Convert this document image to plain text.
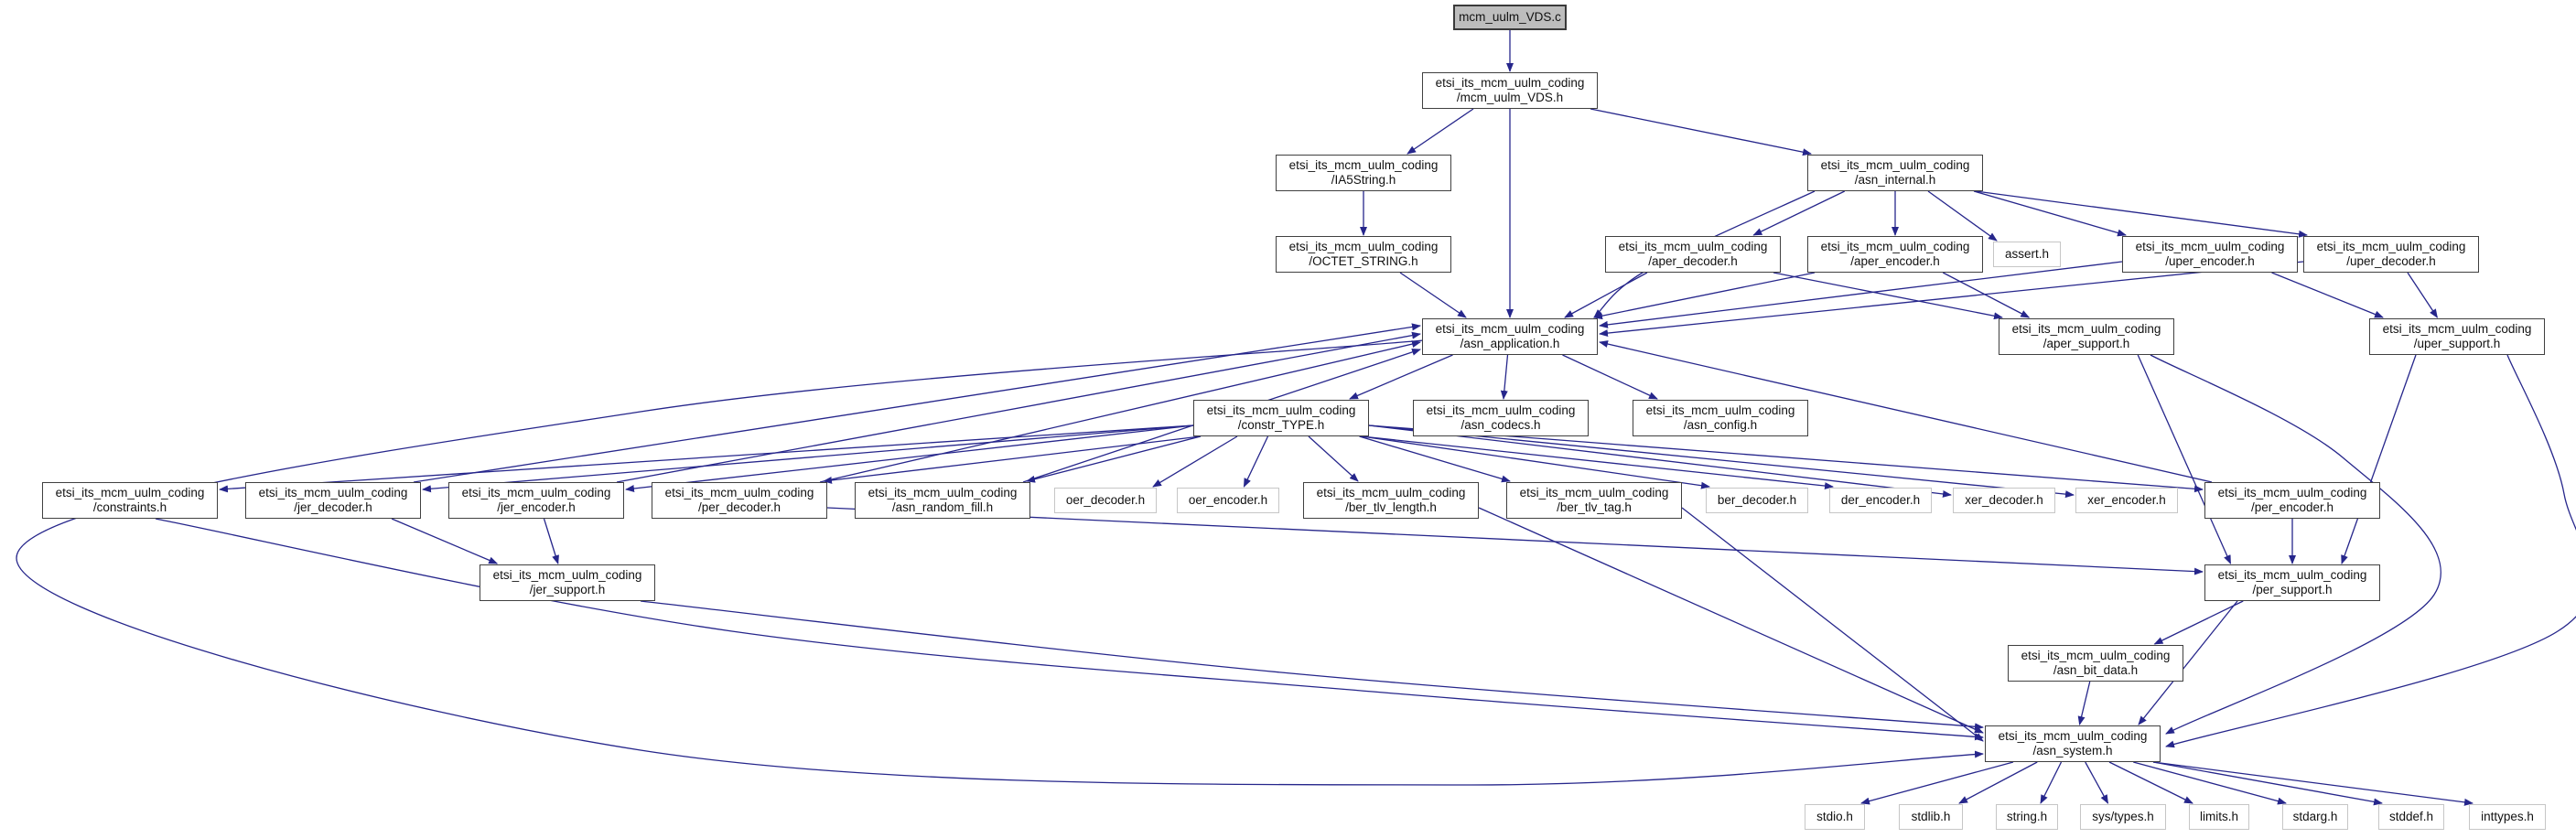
mcm_uulm_VDS.c
etsi_its_mcm_uulm_coding
/mcm_uulm_VDS.h
etsi_its_mcm_uulm_coding
/IA5String.h
etsi_its_mcm_uulm_coding
/asn_internal.h
etsi_its_mcm_uulm_coding
/OCTET_STRING.h
etsi_its_mcm_uulm_coding
/aper_decoder.h
etsi_its_mcm_uulm_coding
/aper_encoder.h
assert.h
etsi_its_mcm_uulm_coding
/uper_encoder.h
etsi_its_mcm_uulm_coding
/uper_decoder.h
etsi_its_mcm_uulm_coding
/asn_application.h
etsi_its_mcm_uulm_coding
/aper_support.h
etsi_its_mcm_uulm_coding
/uper_support.h
etsi_its_mcm_uulm_coding
/constr_TYPE.h
etsi_its_mcm_uulm_coding
/asn_codecs.h
etsi_its_mcm_uulm_coding
/asn_config.h
etsi_its_mcm_uulm_coding
/constraints.h
etsi_its_mcm_uulm_coding
/jer_decoder.h
etsi_its_mcm_uulm_coding
/jer_encoder.h
etsi_its_mcm_uulm_coding
/per_decoder.h
etsi_its_mcm_uulm_coding
/asn_random_fill.h
oer_decoder.h	oer_encoder.h
etsi_its_mcm_uulm_coding
/ber_tlv_length.h
etsi_its_mcm_uulm_coding
/ber_tlv_tag.h
ber_decoder.h	der_encoder.h	xer_decoder.h	xer_encoder.h
etsi_its_mcm_uulm_coding
/per_encoder.h
etsi_its_mcm_uulm_coding
/jer_support.h
etsi_its_mcm_uulm_coding
/per_support.h
etsi_its_mcm_uulm_coding
/asn_bit_data.h
etsi_its_mcm_uulm_coding
/asn_system.h
stdio.h	stdlib.h	string.h	sys/types.h	limits.h	stdarg.h	stddef.h	inttypes.h
